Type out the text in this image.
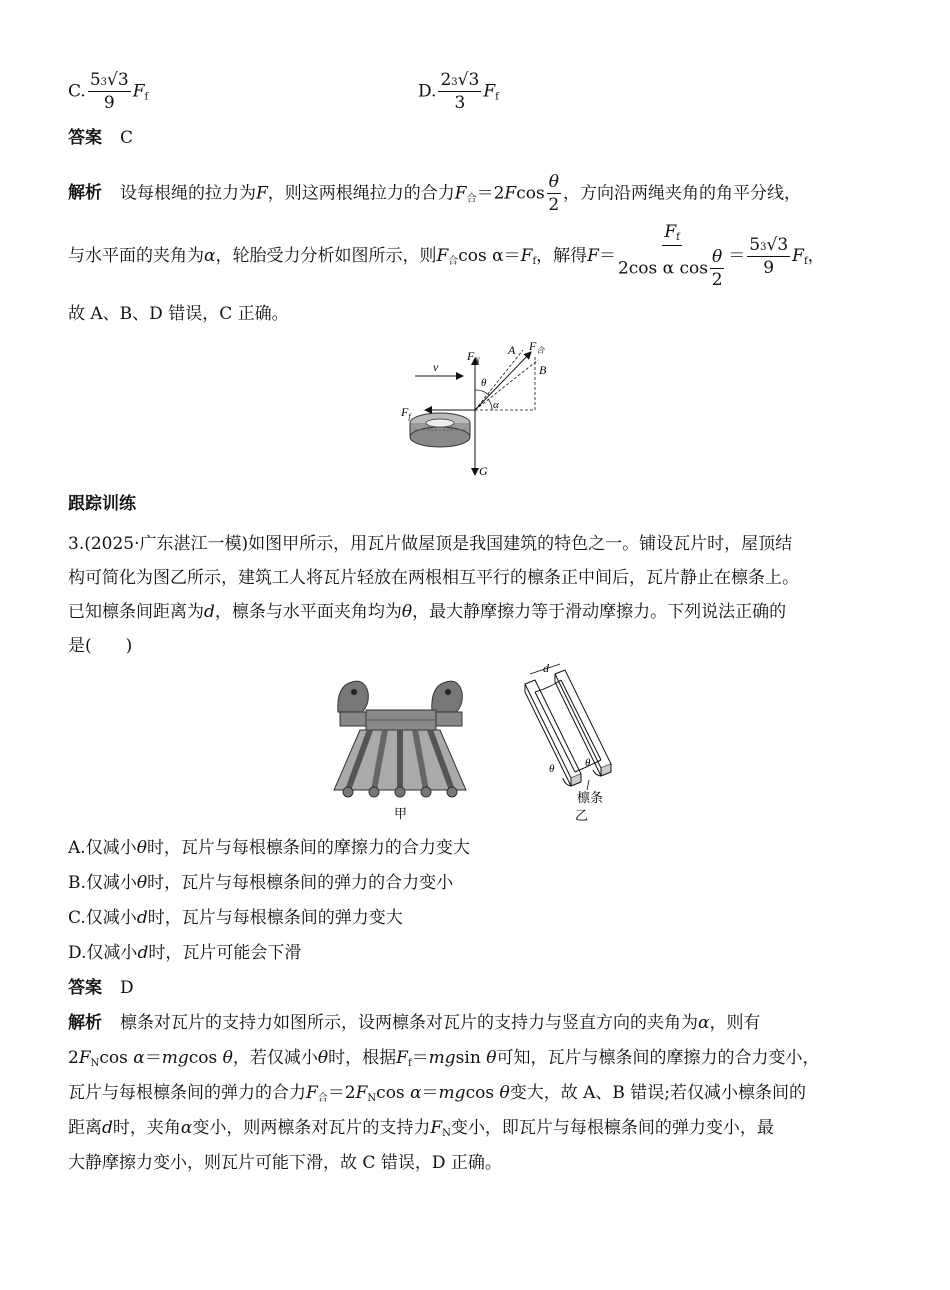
C. $\frac{53√3}{9} F_f$	D. $\frac{23√3}{3} F_f$
答案 C
解析 设每根绳的拉力为F，则这两根绳拉力的合力$F_合=2Fcos \frac{\theta}{2}$ ，方向沿两绳夹角的角平分线，
与水平面的夹角为α，轮胎受力分析如图所示，则$F_合\cos$ $\alpha=F_f$，解得$F= \frac{F_f}{2\cos \alpha \cos \frac{\theta}{2}} = \frac{53√3}{9} F_f$，
故 A、B、D 错误，C 正确。
v
$F_N$
G
$F_f$
A $F_合$
B
θ
α
跟踪训练
3.(2025·广东湛江一模)如图甲所示，用瓦片做屋顶是我国建筑的特色之一。铺设瓦片时，屋顶结
构可简化为图乙所示，建筑工人将瓦片轻放在两根相互平行的檩条正中间后，瓦片静止在檩条上。
已知檩条间距离为d，檩条与水平面夹角均为θ，最大静摩擦力等于滑动摩擦力。下列说法正确的
是(　　)
甲
d
θ	θ
檩条
乙
A.仅减小θ时，瓦片与每根檩条间的摩擦力的合力变大
B.仅减小θ时，瓦片与每根檩条间的弹力的合力变小
C.仅减小d时，瓦片与每根檩条间的弹力变大
D.仅减小d时，瓦片可能会下滑
答案 D
解析 檩条对瓦片的支持力如图所示，设两檩条对瓦片的支持力与竖直方向的夹角为α，则有
$2F_N\cos$ α＝mgcos θ，若仅减小θ时，根据$F_f=mgsin$ θ可知，瓦片与檩条间的摩擦力的合力变小，
瓦片与每根檩条间的弹力的合力$F_合=2F_N\cos$ α＝mgcos θ变大，故 A、B 错误;若仅减小檩条间的
距离d时，夹角α变小，则两檩条对瓦片的支持力$F_N$变小，即瓦片与每根檩条间的弹力变小，最
大静摩擦力变小，则瓦片可能下滑，故 C 错误，D 正确。
